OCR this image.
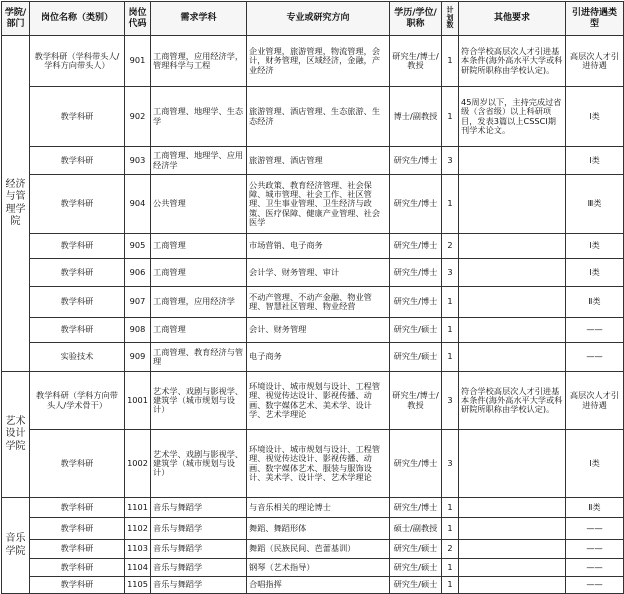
学院/部门	岗位名称（类别）	岗位代码	需求学科	专业或研究方向	学历/学位/职称	计划数	其他要求	引进待遇类型
经济与管理学院	教学科研（学科带头人/学科方向带头人）	901	工商管理，应用经济学，管理科学与工程	企业管理，旅游管理，物流管理，会计，财务管理，区域经济，金融，产业经济	研究生/博士/教授	1	符合学校高层次人才引进基本条件(海外高水平大学或科研院所职称由学校认定)。	高层次人才引进待遇
	教学科研	902	工商管理、地理学、生态学	旅游管理、酒店管理、生态旅游、生态经济	博士/副教授	1	45周岁以下，主持完成过省级（含省级）以上科研项目，发表3篇以上CSSCI期刊学术论文。	Ⅰ类
	教学科研	903	工商管理、地理学、应用经济学	旅游管理、酒店管理	研究生/博士	3		Ⅰ类
	教学科研	904	公共管理	公共政策、教育经济管理、社会保障、城市管理、社会工作、社区管理、卫生事业管理、卫生经济与政策、医疗保障、健康产业管理、社会医学	研究生/博士	1		Ⅲ类
	教学科研	905	工商管理	市场营销、电子商务	研究生/博士	2		Ⅰ类
	教学科研	906	工商管理	会计学、财务管理、审计	研究生/博士	3		Ⅰ类
	教学科研	907	工商管理，应用经济学	不动产管理、不动产金融、物业管理、智慧社区管理、物业经营	研究生/博士	1		Ⅱ类
	教学科研	908	工商管理	会计、财务管理	研究生/硕士	1		——
	实验技术	909	工商管理、教育经济与管理	电子商务	研究生/硕士	1		——
艺术设计学院	教学科研（学科方向带头人/学术骨干）	1001	艺术学、戏剧与影视学、建筑学（城市规划与设计）	环境设计、城市规划与设计、工程管理、视觉传达设计、影视传播、动画、数字媒体艺术、美术学、设计学、艺术学理论	研究生/博士/教授	3	符合学校高层次人才引进基本条件(海外高水平大学或科研院所职称由学校认定)。	高层次人才引进待遇
	教学科研	1002	艺术学、戏剧与影视学、建筑学（城市规划与设计）	环境设计、城市规划与设计、工程管理、视觉传达设计、影视传播、动画、数字媒体艺术、服装与服饰设计、美术学、设计学、艺术学理论	研究生/博士	3		Ⅰ类
音乐学院	教学科研	1101	音乐与舞蹈学	与音乐相关的理论博士	研究生/博士	1		Ⅱ类
	教学科研	1102	音乐与舞蹈学	舞蹈、舞蹈形体	硕士/副教授	1		——
	教学科研	1103	音乐与舞蹈学	舞蹈（民族民间、芭蕾基训）	研究生/硕士	2		——
	教学科研	1104	音乐与舞蹈学	钢琴（艺术指导）	研究生/硕士	1		——
	教学科研	1105	音乐与舞蹈学	合唱指挥	研究生/硕士	1		——
